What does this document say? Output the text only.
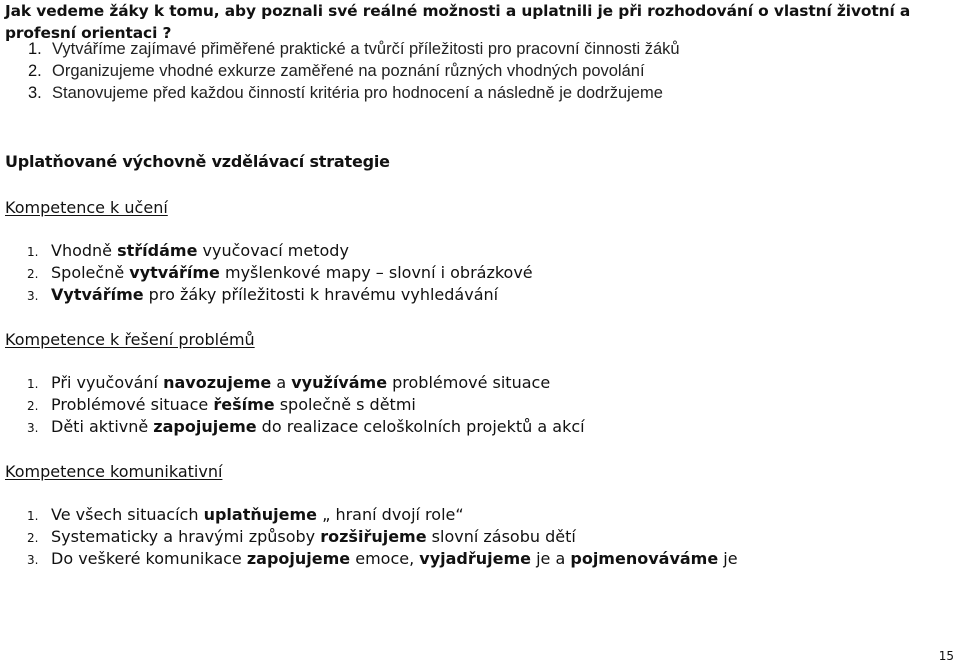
Jak vedeme žáky k tomu, aby poznali své reálné možnosti a uplatnili je při rozhodování o vlastní životní a profesní orientaci ?
1. Vytváříme zajímavé přiměřené praktické a tvůrčí příležitosti pro pracovní činnosti žáků
2. Organizujeme vhodné exkurze zaměřené na poznání různých vhodných povolání
3. Stanovujeme před každou činností kritéria pro hodnocení a následně je dodržujeme
Uplatňované výchovně vzdělávací strategie
Kompetence k učení
1. Vhodně střídáme vyučovací metody
2. Společně vytváříme myšlenkové mapy – slovní i obrázkové
3. Vytváříme pro žáky příležitosti k hravému vyhledávání
Kompetence k řešení problémů
1. Při vyučování navozujeme a využíváme problémové situace
2. Problémové situace řešíme společně s dětmi
3. Děti aktivně zapojujeme do realizace celoškolních projektů a akcí
Kompetence komunikativní
1. Ve všech situacích uplatňujeme „ hraní dvojí role“
2. Systematicky a hravými způsoby rozšiřujeme slovní zásobu dětí
3. Do veškeré komunikace zapojujeme emoce, vyjadřujeme je a pojmenováváme je
15
